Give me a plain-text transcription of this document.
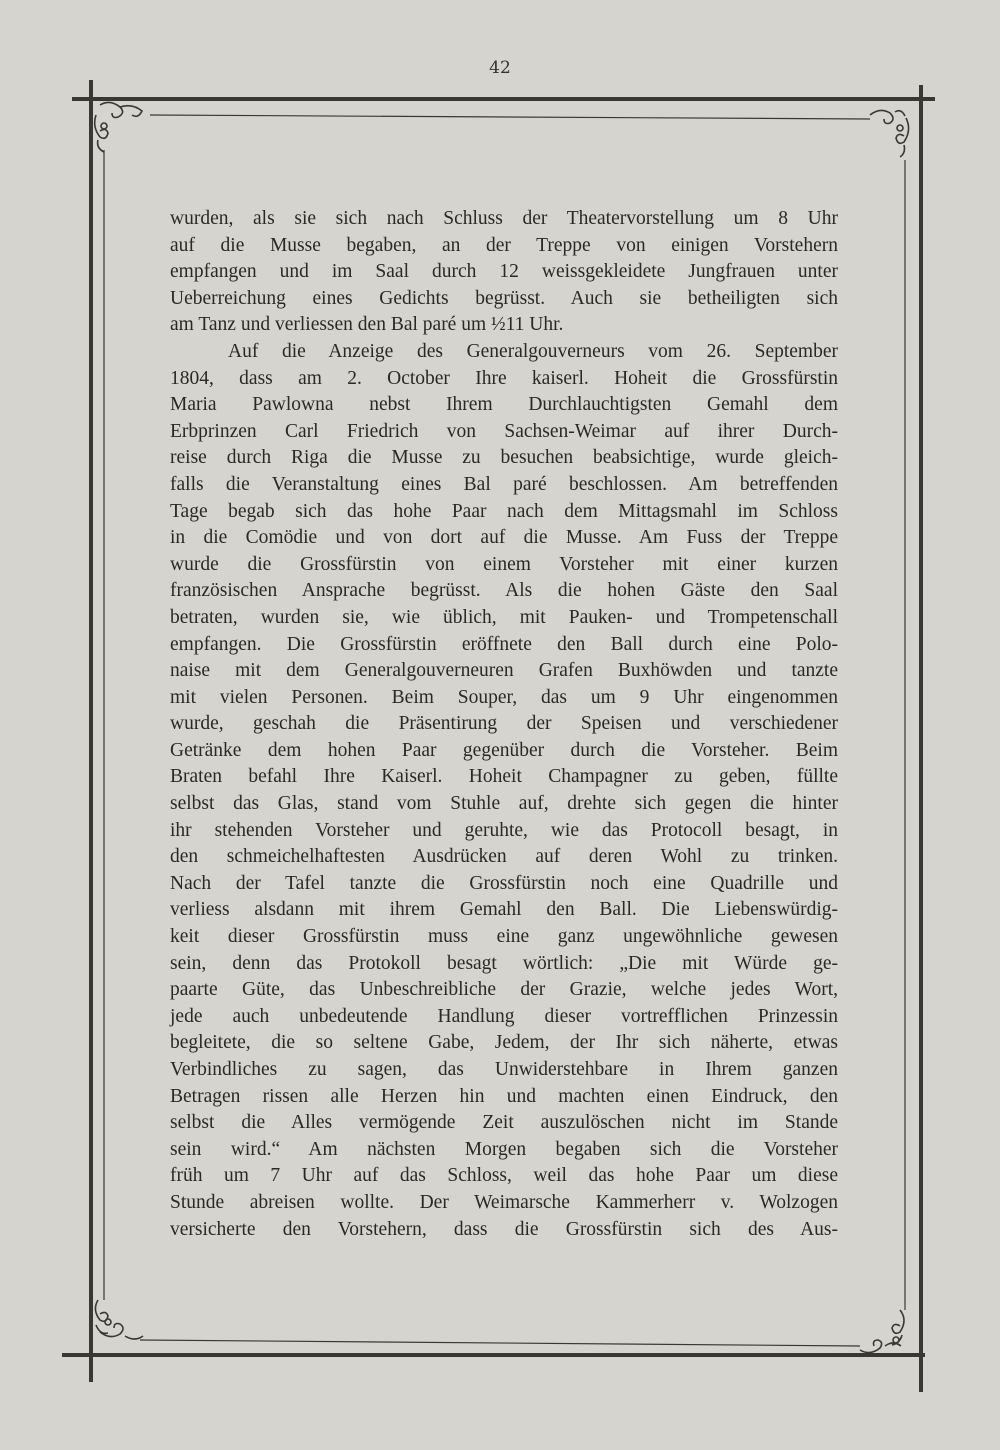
42
wurden, als sie sich nach Schluss der Theatervorstellung um 8 Uhr
auf die Musse begaben, an der Treppe von einigen Vorstehern
empfangen und im Saal durch 12 weissgekleidete Jungfrauen unter
Ueberreichung eines Gedichts begrüsst. Auch sie betheiligten sich
am Tanz und verliessen den Bal paré um ½11 Uhr.
Auf die Anzeige des Generalgouverneurs vom 26. September
1804, dass am 2. October Ihre kaiserl. Hoheit die Grossfürstin
Maria Pawlowna nebst Ihrem Durchlauchtigsten Gemahl dem
Erbprinzen Carl Friedrich von Sachsen-Weimar auf ihrer Durch-
reise durch Riga die Musse zu besuchen beabsichtige, wurde gleich-
falls die Veranstaltung eines Bal paré beschlossen. Am betreffenden
Tage begab sich das hohe Paar nach dem Mittagsmahl im Schloss
in die Comödie und von dort auf die Musse. Am Fuss der Treppe
wurde die Grossfürstin von einem Vorsteher mit einer kurzen
französischen Ansprache begrüsst. Als die hohen Gäste den Saal
betraten, wurden sie, wie üblich, mit Pauken- und Trompetenschall
empfangen. Die Grossfürstin eröffnete den Ball durch eine Polo-
naise mit dem Generalgouverneuren Grafen Buxhöwden und tanzte
mit vielen Personen. Beim Souper, das um 9 Uhr eingenommen
wurde, geschah die Präsentirung der Speisen und verschiedener
Getränke dem hohen Paar gegenüber durch die Vorsteher. Beim
Braten befahl Ihre Kaiserl. Hoheit Champagner zu geben, füllte
selbst das Glas, stand vom Stuhle auf, drehte sich gegen die hinter
ihr stehenden Vorsteher und geruhte, wie das Protocoll besagt, in
den schmeichelhaftesten Ausdrücken auf deren Wohl zu trinken.
Nach der Tafel tanzte die Grossfürstin noch eine Quadrille und
verliess alsdann mit ihrem Gemahl den Ball. Die Liebenswürdig-
keit dieser Grossfürstin muss eine ganz ungewöhnliche gewesen
sein, denn das Protokoll besagt wörtlich: „Die mit Würde ge-
paarte Güte, das Unbeschreibliche der Grazie, welche jedes Wort,
jede auch unbedeutende Handlung dieser vortrefflichen Prinzessin
begleitete, die so seltene Gabe, Jedem, der Ihr sich näherte, etwas
Verbindliches zu sagen, das Unwiderstehbare in Ihrem ganzen
Betragen rissen alle Herzen hin und machten einen Eindruck, den
selbst die Alles vermögende Zeit auszulöschen nicht im Stande
sein wird.“ Am nächsten Morgen begaben sich die Vorsteher
früh um 7 Uhr auf das Schloss, weil das hohe Paar um diese
Stunde abreisen wollte. Der Weimarsche Kammerherr v. Wolzogen
versicherte den Vorstehern, dass die Grossfürstin sich des Aus-
